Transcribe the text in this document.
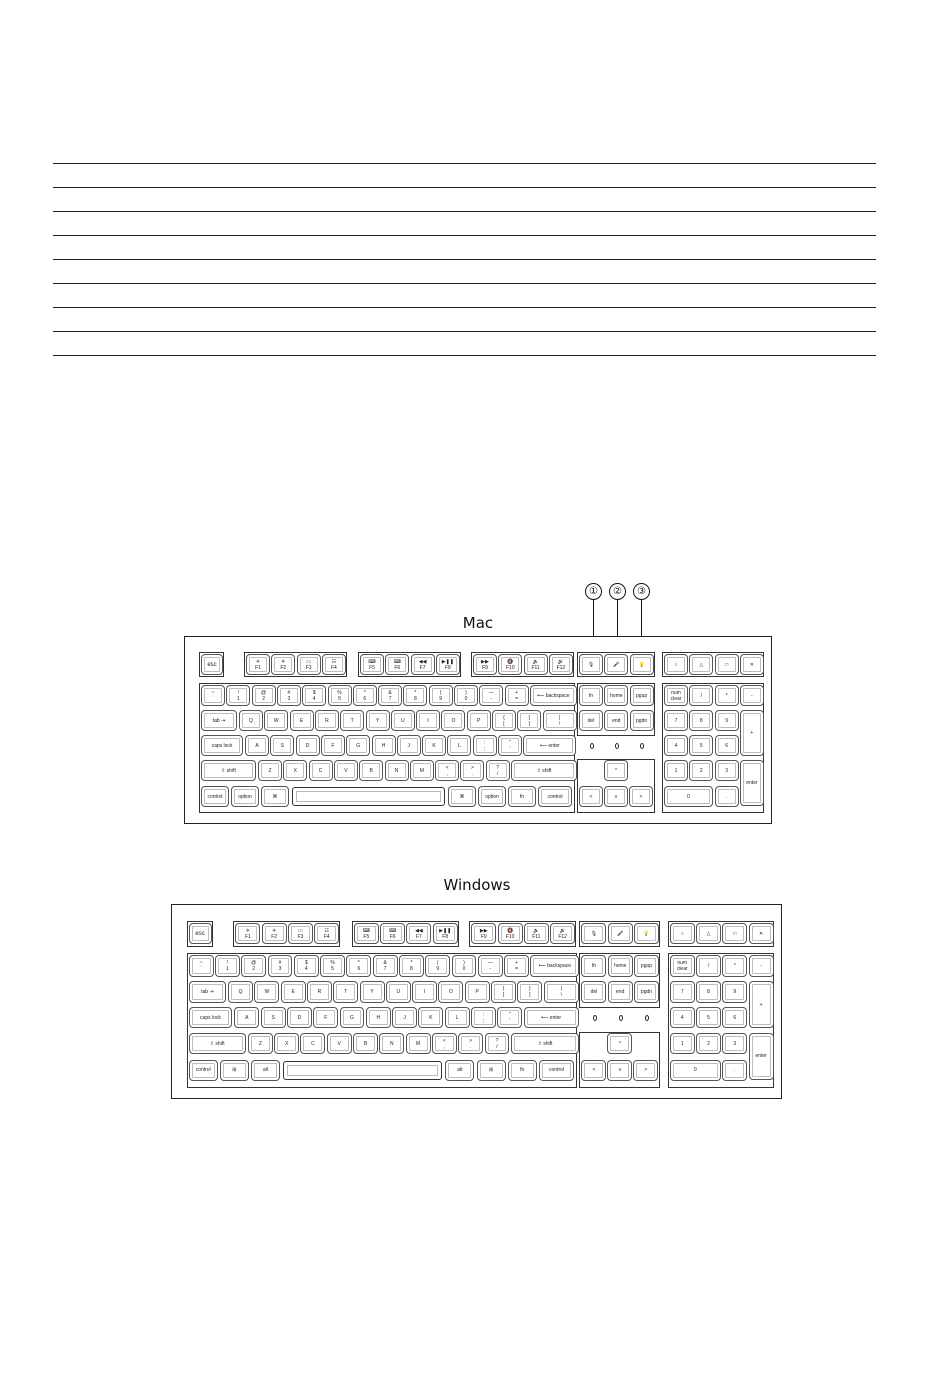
①	②	③
Mac
Windows
esc	☀
F1
☀
F2
▭
F3
☷
F4
⌨
F5
⌨
F6
◀◀
F7
▶❚❚
F8
▶▶
F9
🔇
F10
🔉
F11
🔊
F12	🎙	🎤	💡	○	△	□	✕
~
`
!
1
@
2
#
3
$
4
%
5
^
6
&
7
*
8
(
9
)
0
—
-
+
=	⟵ backspace
tab ⇥	Q	W	E	R	T	Y	U	I	O	P	{
[
}
]
|
\
caps lock	A	S	D	F	G	H	J	K	L	:
;
"
'	⟵ enter
⇧ shift	Z	X	C	V	B	N	M	<
,
>
.
?
/	⇧ shift
control	option	⌘	⌘	option	fn	control
fn	home	pgup
del	end	pgdn
^
<	v	>
num
clear	/	*	-
7	8	9
+
4	5	6
1	2	3
enter
0	.
esc	☀
F1
☀
F2
▭
F3
☷
F4
⌨
F5
⌨
F6
◀◀
F7
▶❚❚
F8
▶▶
F9
🔇
F10
🔉
F11
🔊
F12	🎙	🎤	💡	○	△	□	✕
~
`
!
1
@
2
#
3
$
4
%
5
^
6
&
7
*
8
(
9
)
0
—
-
+
=	⟵ backspace
tab ⇥	Q	W	E	R	T	Y	U	I	O	P	{
[
}
]
|
\
caps lock	A	S	D	F	G	H	J	K	L	:
;
"
'	⟵ enter
⇧ shift	Z	X	C	V	B	N	M	<
,
>
.
?
/	⇧ shift
control	⊞	alt	alt	⊞	fn	control
fn	home	pgup
del	end	pgdn
^
<	v	>
num
clear	/	*	-
7	8	9
+
4	5	6
1	2	3
enter
0	.
